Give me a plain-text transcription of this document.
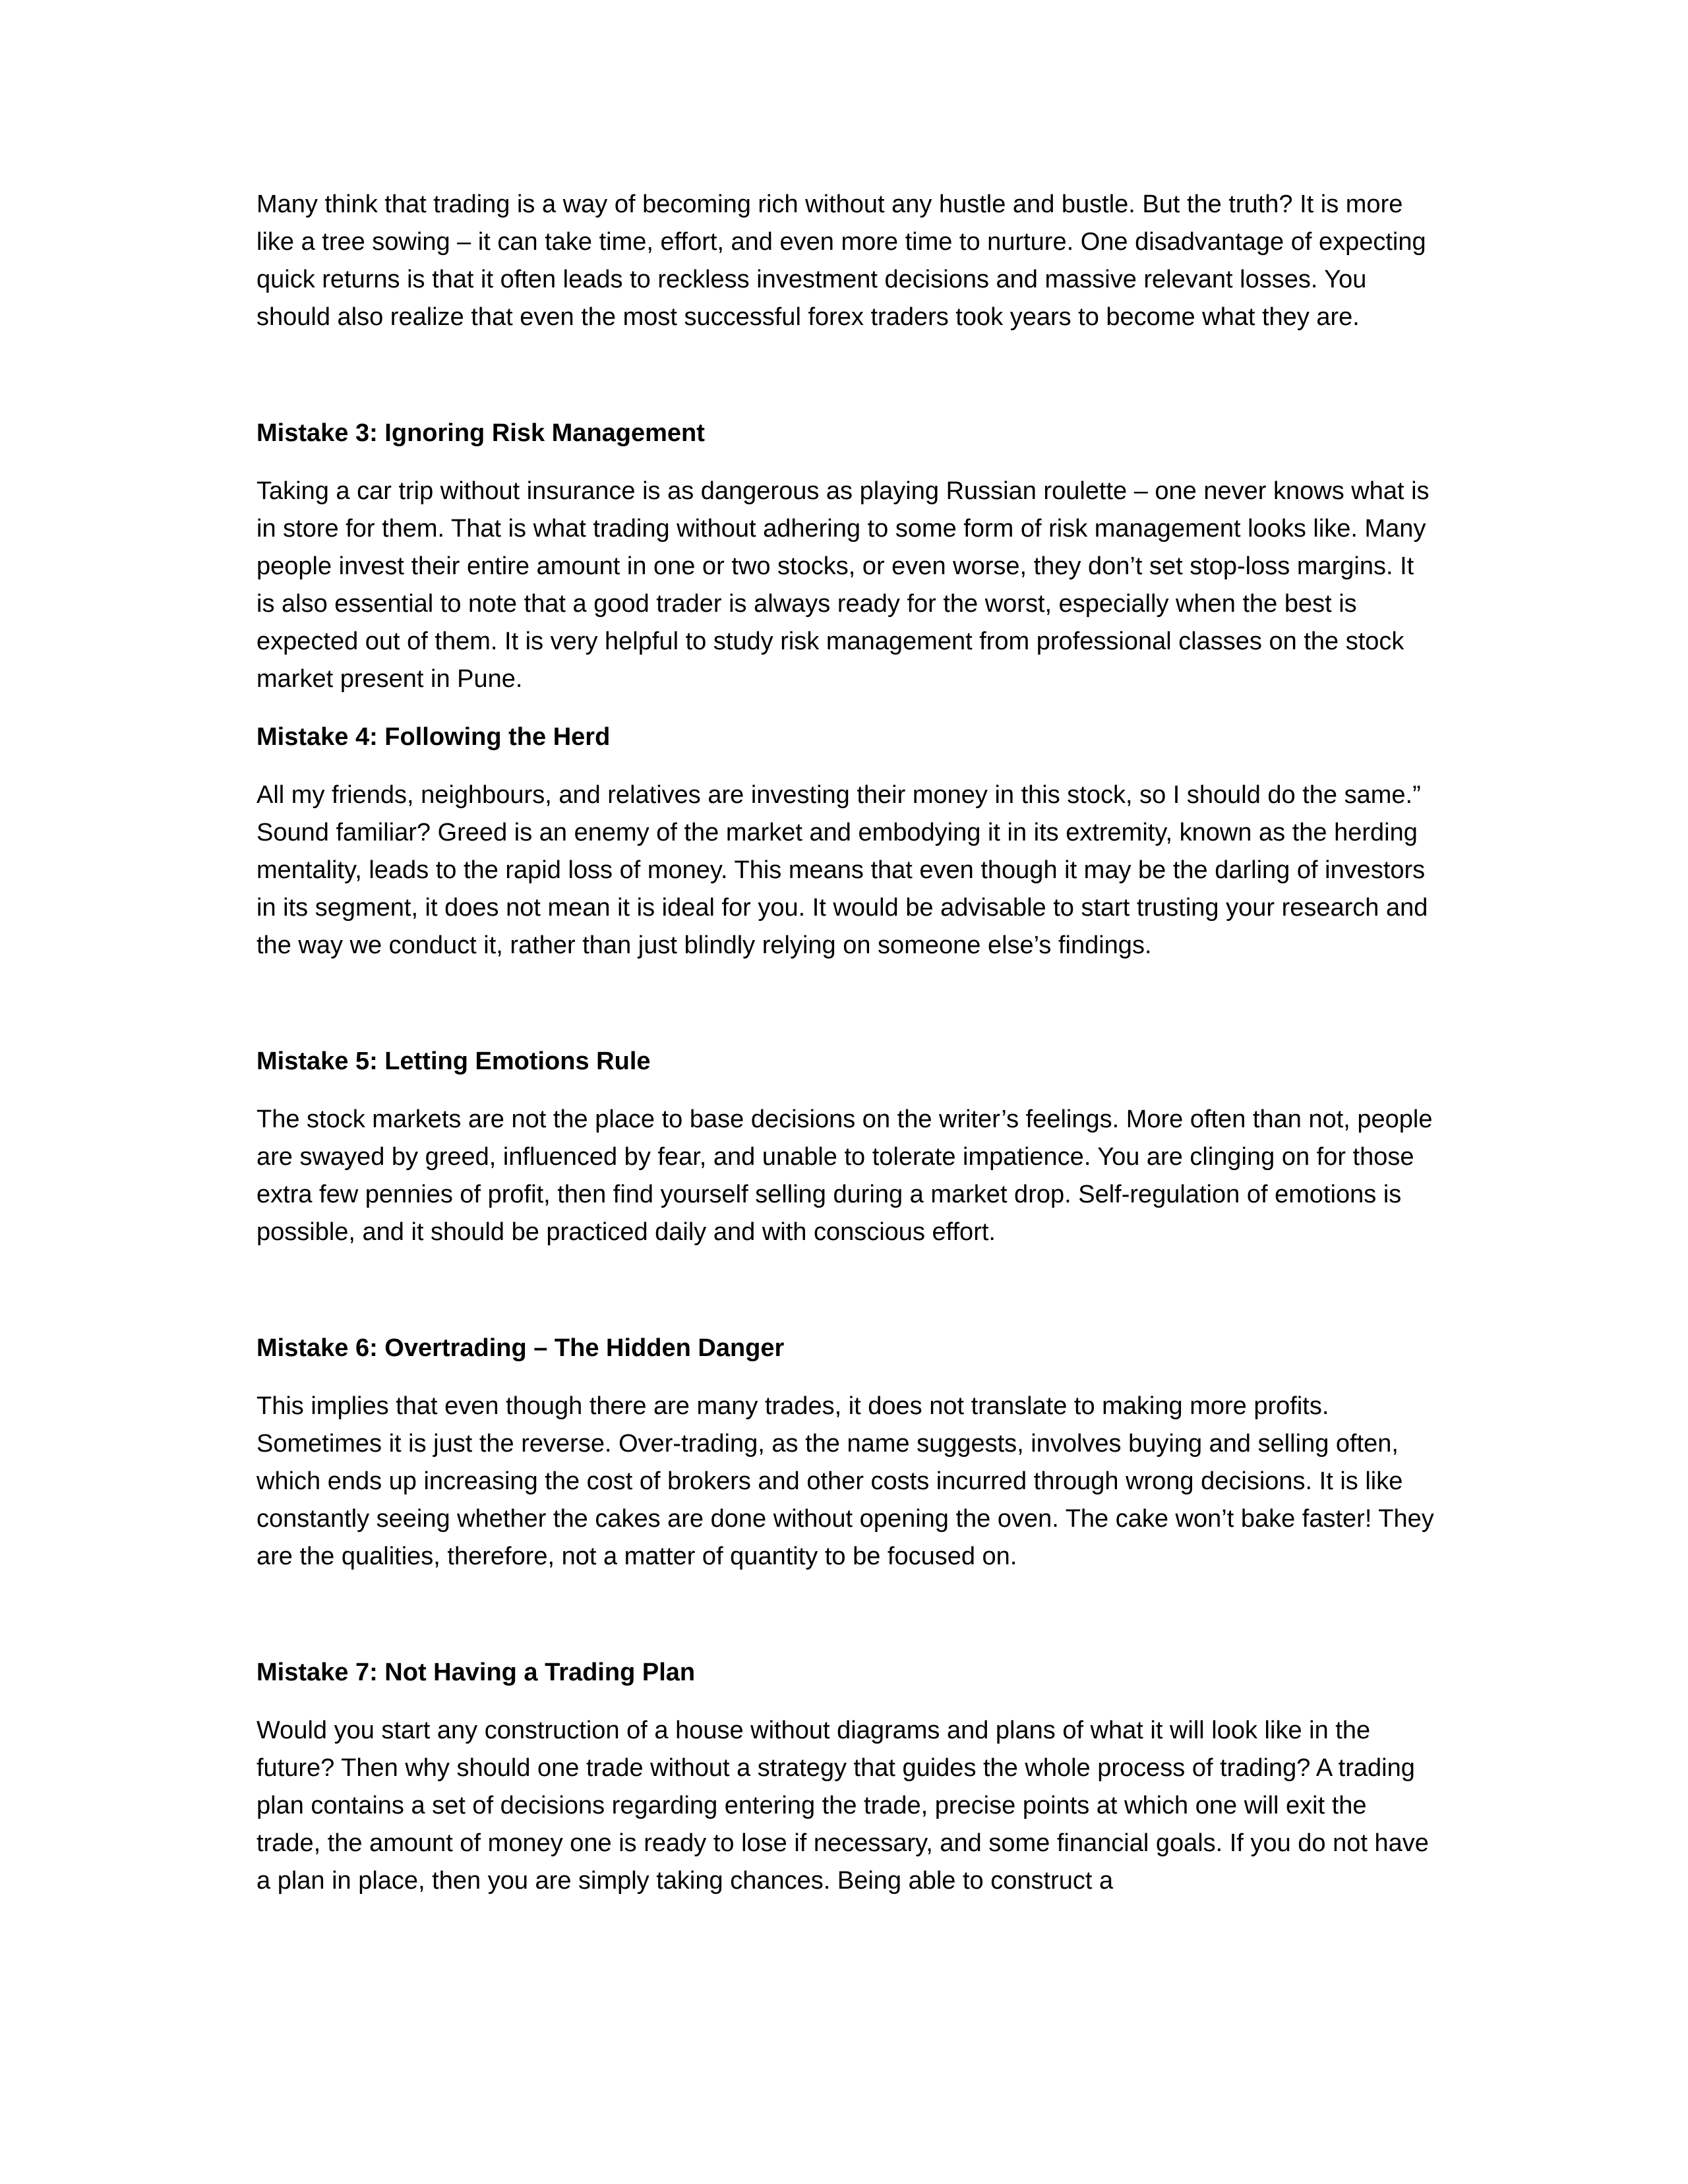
Many think that trading is a way of becoming rich without any hustle and bustle. But the truth? It is more like a tree sowing – it can take time, effort, and even more time to nurture. One disadvantage of expecting quick returns is that it often leads to reckless investment decisions and massive relevant losses. You should also realize that even the most successful forex traders took years to become what they are.

Mistake 3: Ignoring Risk Management

Taking a car trip without insurance is as dangerous as playing Russian roulette – one never knows what is in store for them. That is what trading without adhering to some form of risk management looks like. Many people invest their entire amount in one or two stocks, or even worse, they don’t set stop-loss margins. It is also essential to note that a good trader is always ready for the worst, especially when the best is expected out of them. It is very helpful to study risk management from professional classes on the stock market present in Pune.

Mistake 4: Following the Herd

All my friends, neighbours, and relatives are investing their money in this stock, so I should do the same.” Sound familiar? Greed is an enemy of the market and embodying it in its extremity, known as the herding mentality, leads to the rapid loss of money. This means that even though it may be the darling of investors in its segment, it does not mean it is ideal for you. It would be advisable to start trusting your research and the way we conduct it, rather than just blindly relying on someone else’s findings.

Mistake 5: Letting Emotions Rule

The stock markets are not the place to base decisions on the writer’s feelings. More often than not, people are swayed by greed, influenced by fear, and unable to tolerate impatience. You are clinging on for those extra few pennies of profit, then find yourself selling during a market drop. Self-regulation of emotions is possible, and it should be practiced daily and with conscious effort.

Mistake 6: Overtrading – The Hidden Danger

This implies that even though there are many trades, it does not translate to making more profits. Sometimes it is just the reverse. Over-trading, as the name suggests, involves buying and selling often, which ends up increasing the cost of brokers and other costs incurred through wrong decisions. It is like constantly seeing whether the cakes are done without opening the oven. The cake won’t bake faster! They are the qualities, therefore, not a matter of quantity to be focused on.

Mistake 7: Not Having a Trading Plan

Would you start any construction of a house without diagrams and plans of what it will look like in the future? Then why should one trade without a strategy that guides the whole process of trading? A trading plan contains a set of decisions regarding entering the trade, precise points at which one will exit the trade, the amount of money one is ready to lose if necessary, and some financial goals. If you do not have a plan in place, then you are simply taking chances. Being able to construct a
